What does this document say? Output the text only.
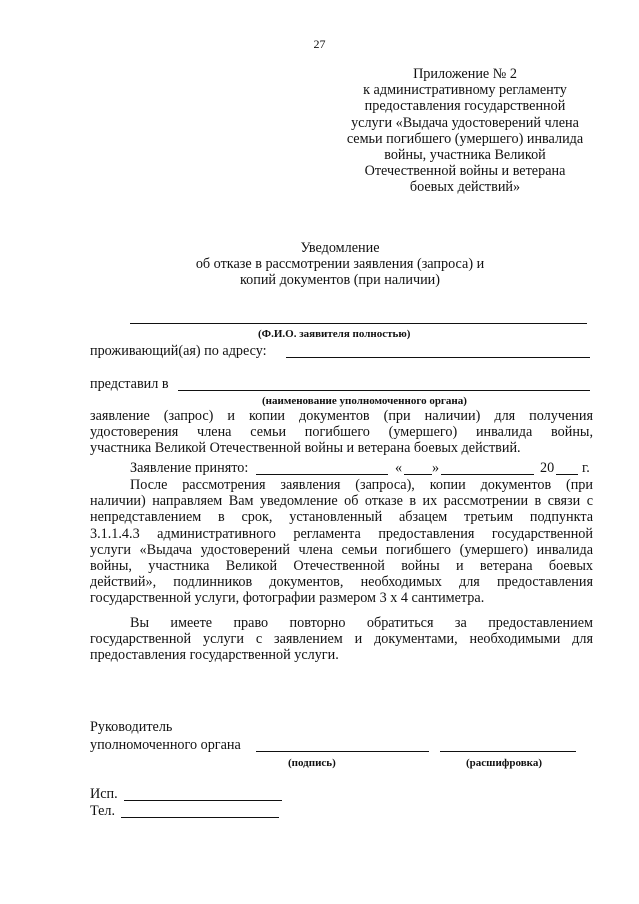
27
Приложение № 2
к административному регламенту
предоставления государственной
услуги «Выдача удостоверений члена
семьи погибшего (умершего) инвалида
войны, участника Великой
Отечественной войны и ветерана
боевых действий»
Уведомление
об отказе в рассмотрении заявления (запроса) и
копий документов (при наличии)
(Ф.И.О. заявителя полностью)
проживающий(ая) по адресу:
представил в
(наименование уполномоченного органа)
заявление (запрос) и копии документов (при наличии) для получения
удостоверения члена семьи погибшего (умершего) инвалида войны,
участника Великой Отечественной войны и ветерана боевых действий.
Заявление принято:	« »	20 г.
После рассмотрения заявления (запроса), копии документов (при
наличии) направляем Вам уведомление об отказе в их рассмотрении в связи с
непредставлением в срок, установленный абзацем третьим подпункта
3.1.1.4.3 административного регламента предоставления государственной
услуги «Выдача удостоверений члена семьи погибшего (умершего) инвалида
войны, участника Великой Отечественной войны и ветерана боевых
действий», подлинников документов, необходимых для предоставления
государственной услуги, фотографии размером 3 х 4 сантиметра.
Вы имеете право повторно обратиться за предоставлением
государственной услуги с заявлением и документами, необходимыми для
предоставления государственной услуги.
Руководитель
уполномоченного органа
(подпись)	(расшифровка)
Исп.
Тел.
